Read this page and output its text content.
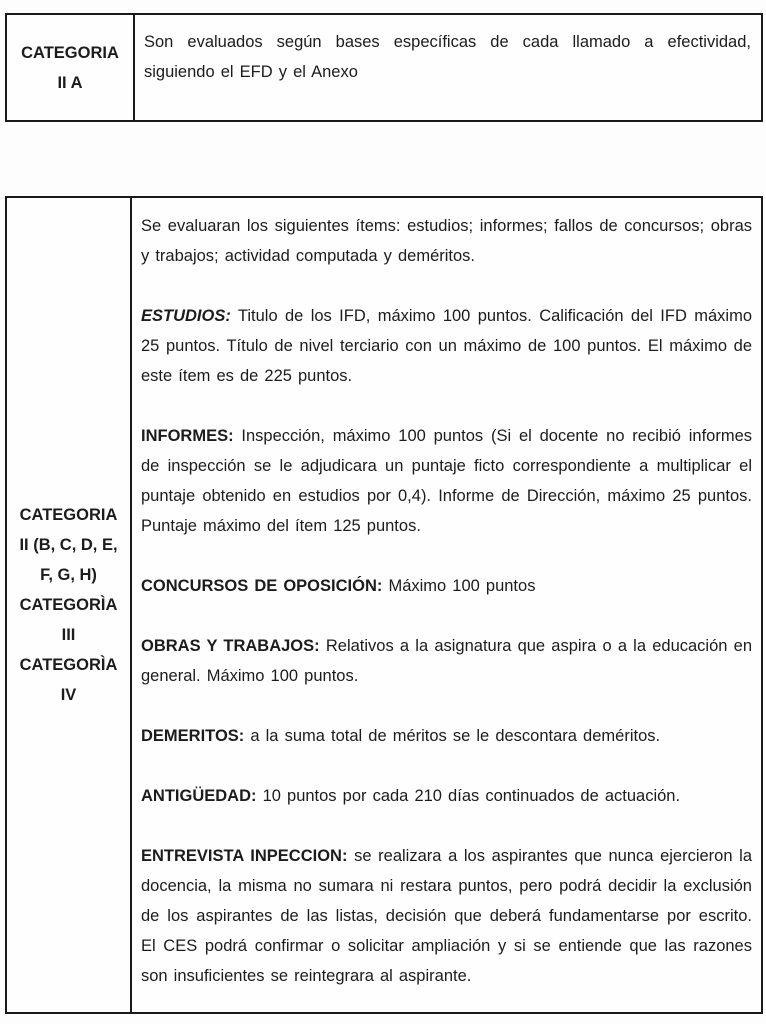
CATEGORIA
II A
Son evaluados según bases específicas de cada llamado a efectividad, siguiendo el EFD y el Anexo
CATEGORIA
II (B, C, D, E,
F, G, H)
CATEGORÌA
III
CATEGORÌA
IV
Se evaluaran los siguientes ítems: estudios; informes; fallos de concursos; obras y trabajos; actividad computada y deméritos.
ESTUDIOS: Titulo de los IFD, máximo 100 puntos. Calificación del IFD máximo 25 puntos. Título de nivel terciario con un máximo de 100 puntos. El máximo de este ítem es de 225 puntos.
INFORMES: Inspección, máximo 100 puntos (Si el docente no recibió informes de inspección se le adjudicara un puntaje ficto correspondiente a multiplicar el puntaje obtenido en estudios por 0,4). Informe de Dirección, máximo 25 puntos. Puntaje máximo del ítem 125 puntos.
CONCURSOS DE OPOSICIÓN: Máximo 100 puntos
OBRAS Y TRABAJOS: Relativos a la asignatura que aspira o a la educación en general. Máximo 100 puntos.
DEMERITOS: a la suma total de méritos se le descontara deméritos.
ANTIGÜEDAD: 10 puntos por cada 210 días continuados de actuación.
ENTREVISTA INPECCION: se realizara a los aspirantes que nunca ejercieron la docencia, la misma no sumara ni restara puntos, pero podrá decidir la exclusión de los aspirantes de las listas, decisión que deberá fundamentarse por escrito. El CES podrá confirmar o solicitar ampliación y si se entiende que las razones son insuficientes se reintegrara al aspirante.
